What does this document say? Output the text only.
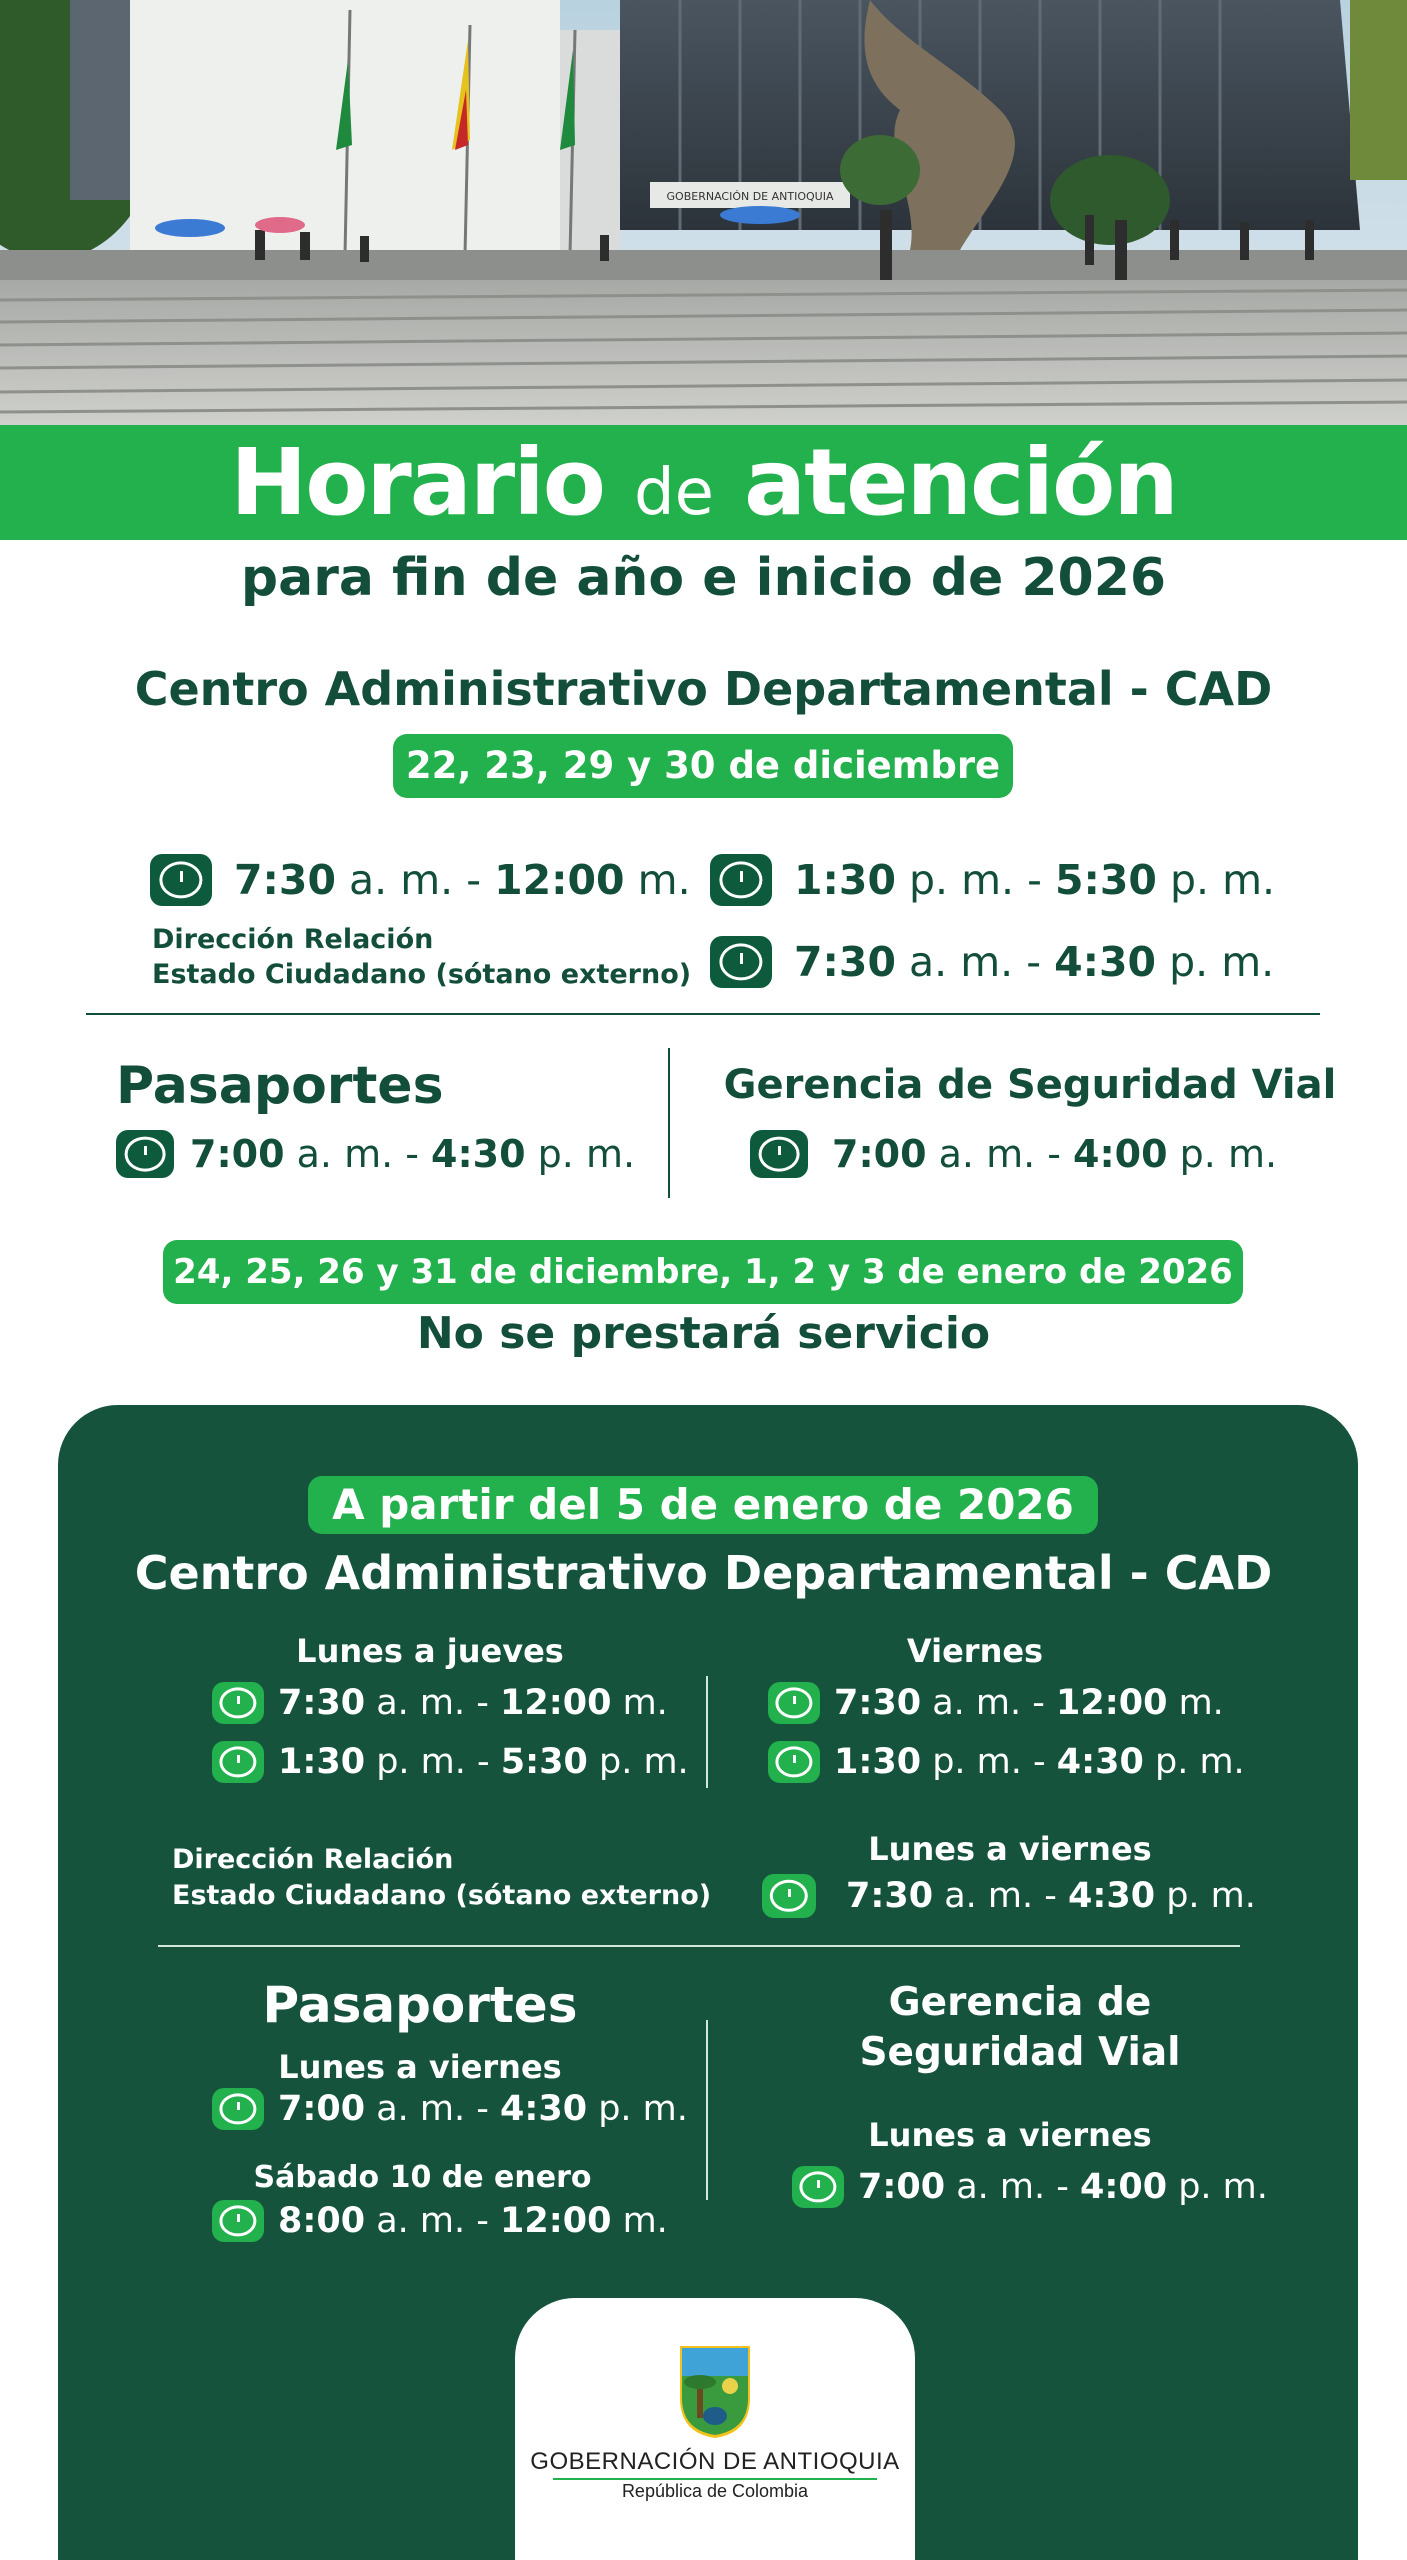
GOBERNACIÓN DE ANTIOQUIA
Horario de atención
para fin de año e inicio de 2026
Centro Administrativo Departamental - CAD
22, 23, 29 y 30 de diciembre
7:30 a. m. - 12:00 m.	1:30 p. m. - 5:30 p. m.
Dirección Relación
Estado Ciudadano (sótano externo)	7:30 a. m. - 4:30 p. m.
Pasaportes
7:00 a. m. - 4:30 p. m.
Gerencia de Seguridad Vial
7:00 a. m. - 4:00 p. m.
24, 25, 26 y 31 de diciembre, 1, 2 y 3 de enero de 2026
No se prestará servicio
A partir del 5 de enero de 2026
Centro Administrativo Departamental - CAD
Lunes a jueves
7:30 a. m. - 12:00 m.
1:30 p. m. - 5:30 p. m.
Viernes
7:30 a. m. - 12:00 m.
1:30 p. m. - 4:30 p. m.
Dirección Relación
Estado Ciudadano (sótano externo)
Lunes a viernes
7:30 a. m. - 4:30 p. m.
Pasaportes
Lunes a viernes
7:00 a. m. - 4:30 p. m.
Sábado 10 de enero
8:00 a. m. - 12:00 m.
Gerencia de
Seguridad Vial
Lunes a viernes
7:00 a. m. - 4:00 p. m.
GOBERNACIÓN DE ANTIOQUIA
República de Colombia
